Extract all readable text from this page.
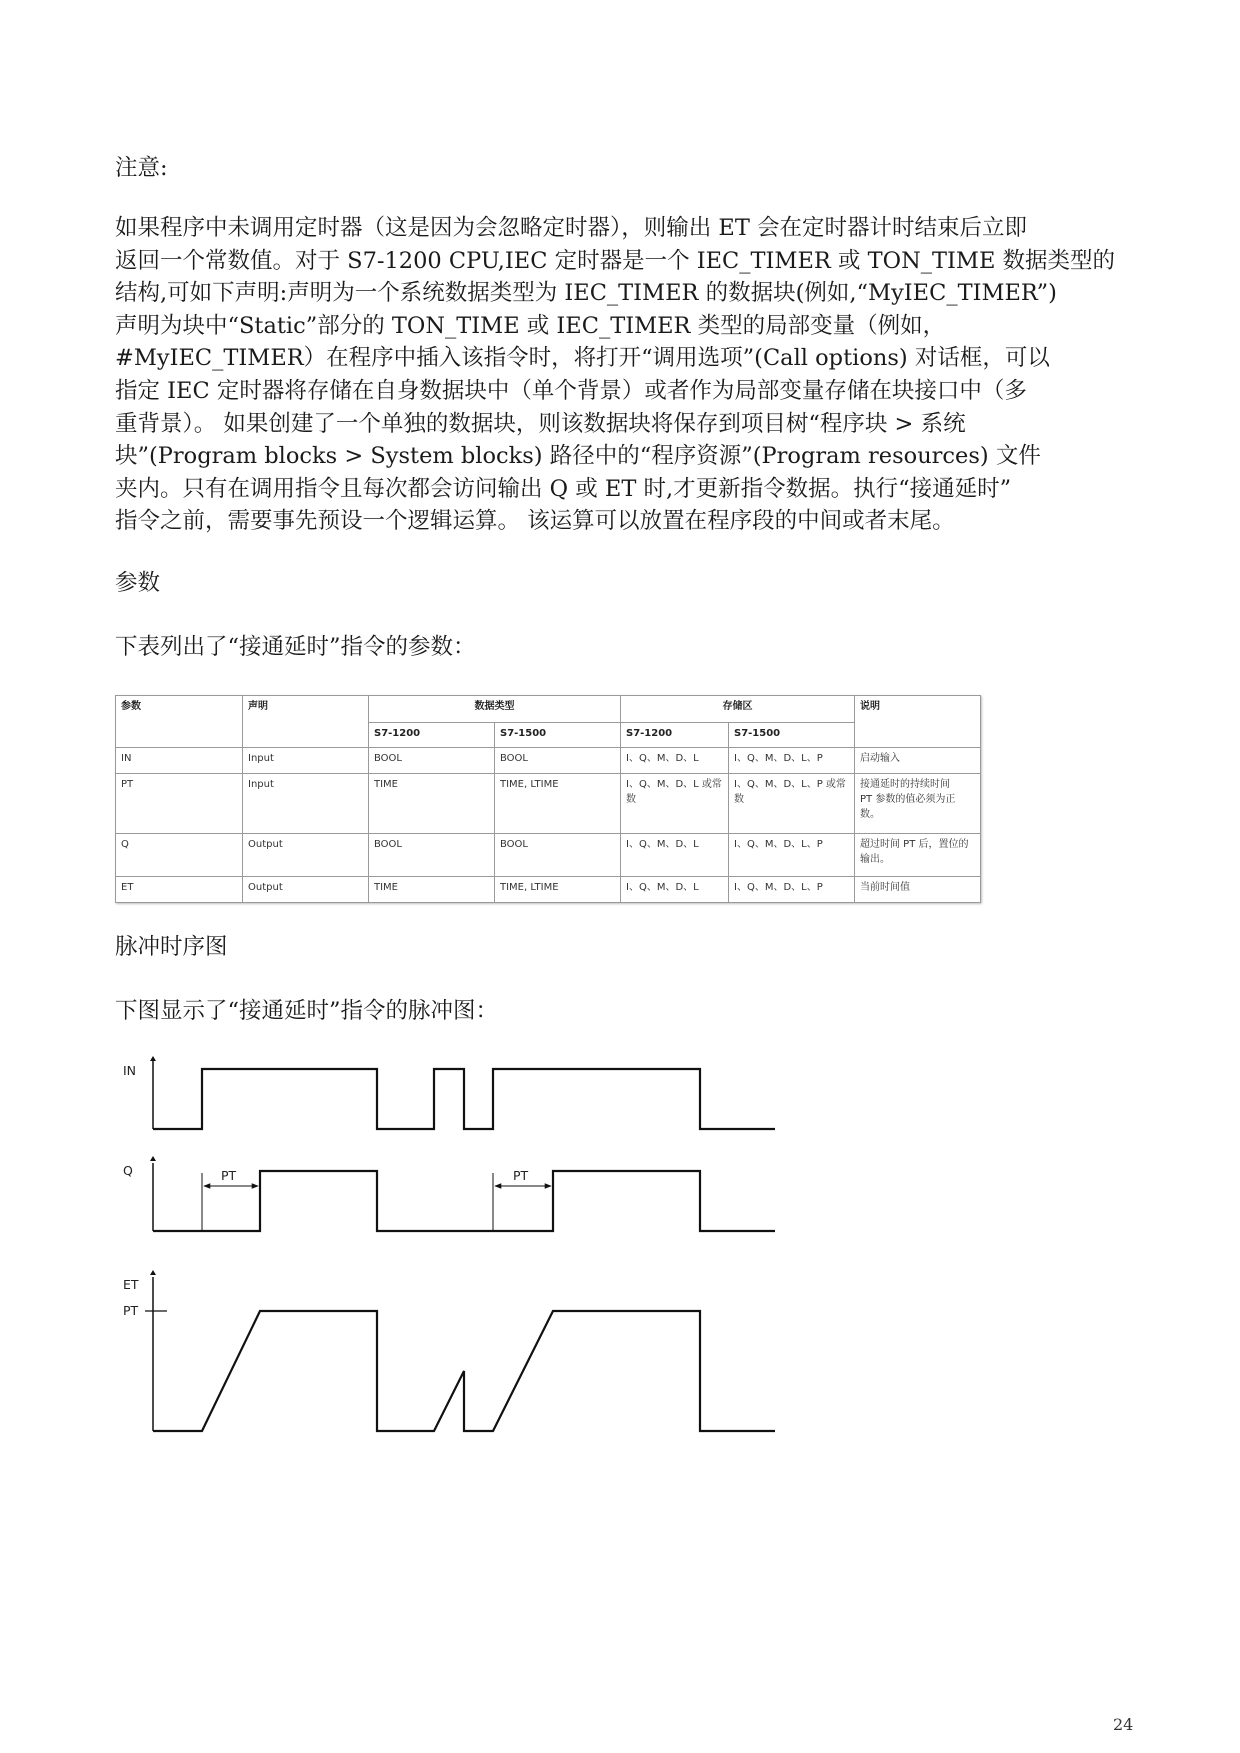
注意:

如果程序中未调用定时器（这是因为会忽略定时器），则输出 ET 会在定时器计时结束后立即
返回一个常数值。对于 S7-1200 CPU,IEC 定时器是一个 IEC_TIMER 或 TON_TIME 数据类型的
结构,可如下声明:声明为一个系统数据类型为 IEC_TIMER 的数据块(例如,“MyIEC_TIMER”)
声明为块中“Static”部分的 TON_TIME 或 IEC_TIMER 类型的局部变量（例如，
#MyIEC_TIMER）在程序中插入该指令时，将打开“调用选项”(Call options) 对话框，可以
指定 IEC 定时器将存储在自身数据块中（单个背景）或者作为局部变量存储在块接口中（多
重背景）。 如果创建了一个单独的数据块，则该数据块将保存到项目树“程序块 > 系统
块”(Program blocks > System blocks) 路径中的“程序资源”(Program resources) 文件
夹内。只有在调用指令且每次都会访问输出 Q 或 ET 时,才更新指令数据。执行“接通延时”
指令之前，需要事先预设一个逻辑运算。 该运算可以放置在程序段的中间或者末尾。

参数

下表列出了“接通延时”指令的参数：

参数	声明	数据类型		存储区		说明
		S7-1200	S7-1500	S7-1200	S7-1500	
IN	Input	BOOL	BOOL	I、Q、M、D、L	I、Q、M、D、L、P	启动输入
PT	Input	TIME	TIME, LTIME	I、Q、M、D、L 或常数	I、Q、M、D、L、P 或常数	接通延时的持续时间
PT 参数的值必须为正数。

Q	Output	BOOL	BOOL	I、Q、M、D、L	I、Q、M、D、L、P	超过时间 PT 后，置位的输出。
ET	Output	TIME	TIME, LTIME	I、Q、M、D、L	I、Q、M、D、L、P	当前时间值

脉冲时序图

下图显示了“接通延时”指令的脉冲图：

IN
Q	PT	PT
ET
PT
24
